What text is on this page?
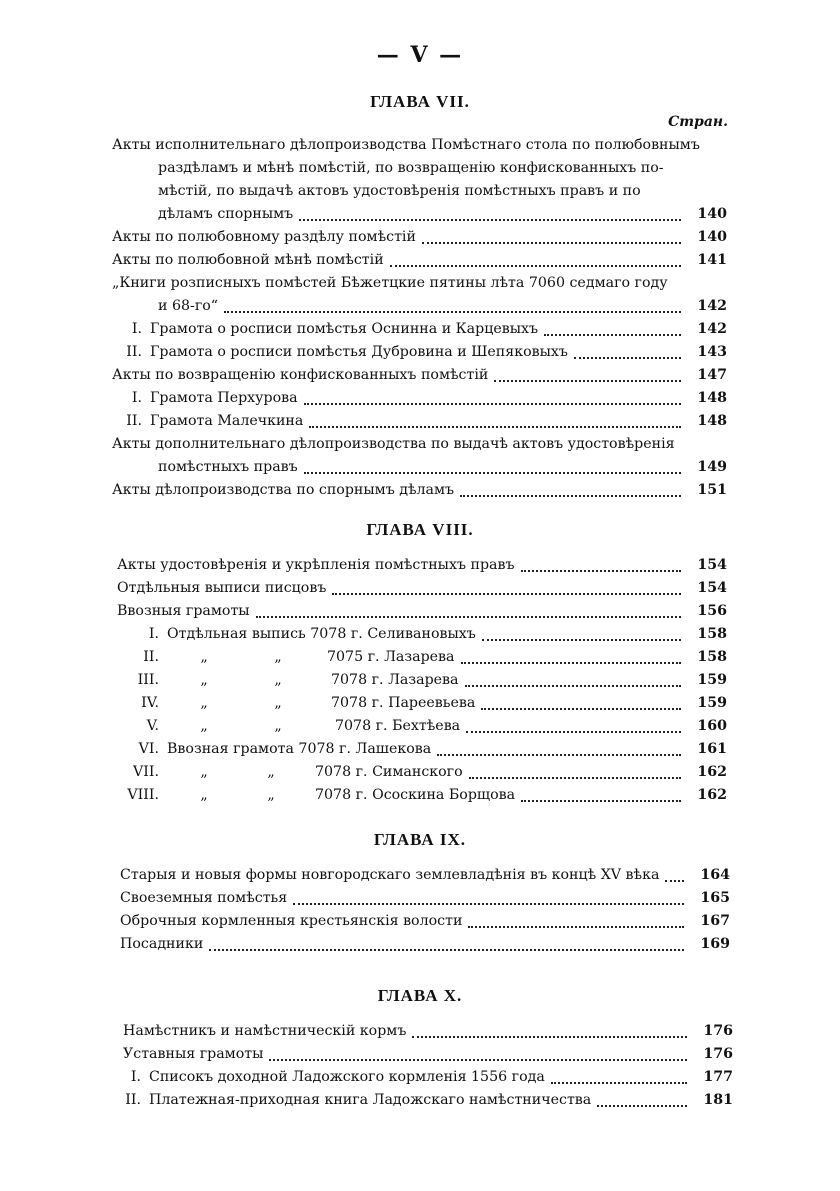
— V —
ГЛАВА VII.
Стран.
Акты исполнительнаго дѣлопроизводства Помѣстнаго стола по полюбовнымъ
раздѣламъ и мѣнѣ помѣстій, по возвращенію конфискованныхъ по-
мѣстій, по выдачѣ актовъ удостовѣренія помѣстныхъ правъ и по
дѣламъ спорнымъ	140
Акты по полюбовному раздѣлу помѣстій	140
Акты по полюбовной мѣнѣ помѣстій	141
„Книги розписныхъ помѣстей Бѣжетцкие пятины лѣта 7060 седмаго году
и 68-го“	142
I. Грамота о росписи помѣстья Оснинна и Карцевыхъ	142
II. Грамота о росписи помѣстья Дубровина и Шепяковыхъ	143
Акты по возвращенію конфискованныхъ помѣстій	147
I. Грамота Перхурова	148
II. Грамота Малечкина	148
Акты дополнительнаго дѣлопроизводства по выдачѣ актовъ удостовѣренія
помѣстныхъ правъ	149
Акты дѣлопроизводства по спорнымъ дѣламъ	151
ГЛАВА VIII.
Акты удостовѣренія и укрѣпленія помѣстныхъ правъ	154
Отдѣльныя выписи писцовъ	154
Ввозныя грамоты	156
I. Отдѣльная выпись 7078 г. Селивановыхъ	158
II.	„	„	7075 г. Лазарева	158
III.	„	„	7078 г. Лазарева	159
IV.	„	„	7078 г. Пареевьева	159
V.	„	„	7078 г. Бехтѣева	160
VI. Ввозная грамота 7078 г. Лашекова	161
VII.	„	„	7078 г. Симанского	162
VIII.	„	„	7078 г. Ососкина Борщова	162
ГЛАВА IX.
Старыя и новыя формы новгородскаго землевладѣнія въ концѣ XV вѣка	164
Своеземныя помѣстья	165
Оброчныя кормленныя крестьянскія волости	167
Посадники	169
ГЛАВА X.
Намѣстникъ и намѣстническій кормъ	176
Уставныя грамоты	176
I. Списокъ доходной Ладожского кормленія 1556 года	177
II. Платежная-приходная книга Ладожскаго намѣстничества	181
